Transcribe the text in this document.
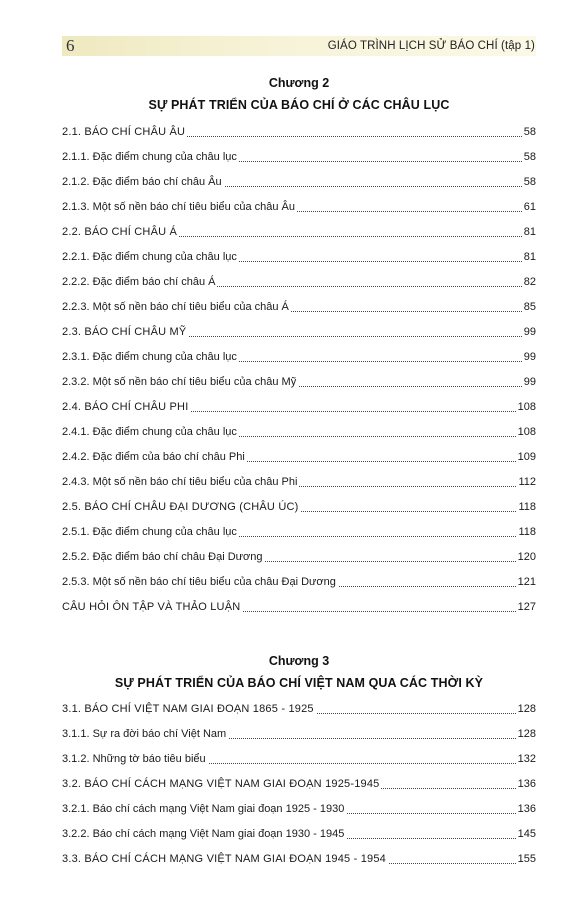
6	GIÁO TRÌNH LỊCH SỬ BÁO CHÍ (tập 1)
Chương 2
SỰ PHÁT TRIỂN CỦA BÁO CHÍ Ở CÁC CHÂU LỤC
2.1. BÁO CHÍ CHÂU ÂU	58
2.1.1. Đặc điểm chung của châu lục	58
2.1.2. Đặc điểm báo chí châu Âu	58
2.1.3. Một số nền báo chí tiêu biểu của châu Âu	61
2.2. BÁO CHÍ CHÂU Á	81
2.2.1. Đặc điểm chung của châu lục	81
2.2.2. Đặc điểm báo chí châu Á	82
2.2.3. Một số nền báo chí tiêu biểu của châu Á	85
2.3. BÁO CHÍ CHÂU MỸ	99
2.3.1. Đặc điểm chung của châu lục	99
2.3.2. Một số nền báo chí tiêu biểu của châu Mỹ	99
2.4. BÁO CHÍ CHÂU PHI	108
2.4.1. Đặc điểm chung của châu lục	108
2.4.2. Đặc điểm của báo chí châu Phi	109
2.4.3. Một số nền báo chí tiêu biểu của châu Phi	112
2.5. BÁO CHÍ CHÂU ĐẠI DƯƠNG (CHÂU ÚC)	118
2.5.1. Đặc điểm chung của châu lục	118
2.5.2. Đặc điểm báo chí châu Đại Dương	120
2.5.3. Một số nền báo chí tiêu biểu của châu Đại Dương	121
CÂU HỎI ÔN TẬP VÀ THẢO LUẬN	127
Chương 3
SỰ PHÁT TRIỂN CỦA BÁO CHÍ VIỆT NAM QUA CÁC THỜI KỲ
3.1. BÁO CHÍ VIỆT NAM GIAI ĐOẠN 1865 - 1925	128
3.1.1. Sự ra đời báo chí Việt Nam	128
3.1.2. Những tờ báo tiêu biểu	132
3.2. BÁO CHÍ CÁCH MẠNG VIỆT NAM GIAI ĐOẠN 1925-1945	136
3.2.1. Báo chí cách mạng Việt Nam giai đoạn 1925 - 1930	136
3.2.2. Báo chí cách mạng Việt Nam giai đoạn 1930 - 1945	145
3.3. BÁO CHÍ CÁCH MẠNG VIỆT NAM GIAI ĐOẠN 1945 - 1954	155
